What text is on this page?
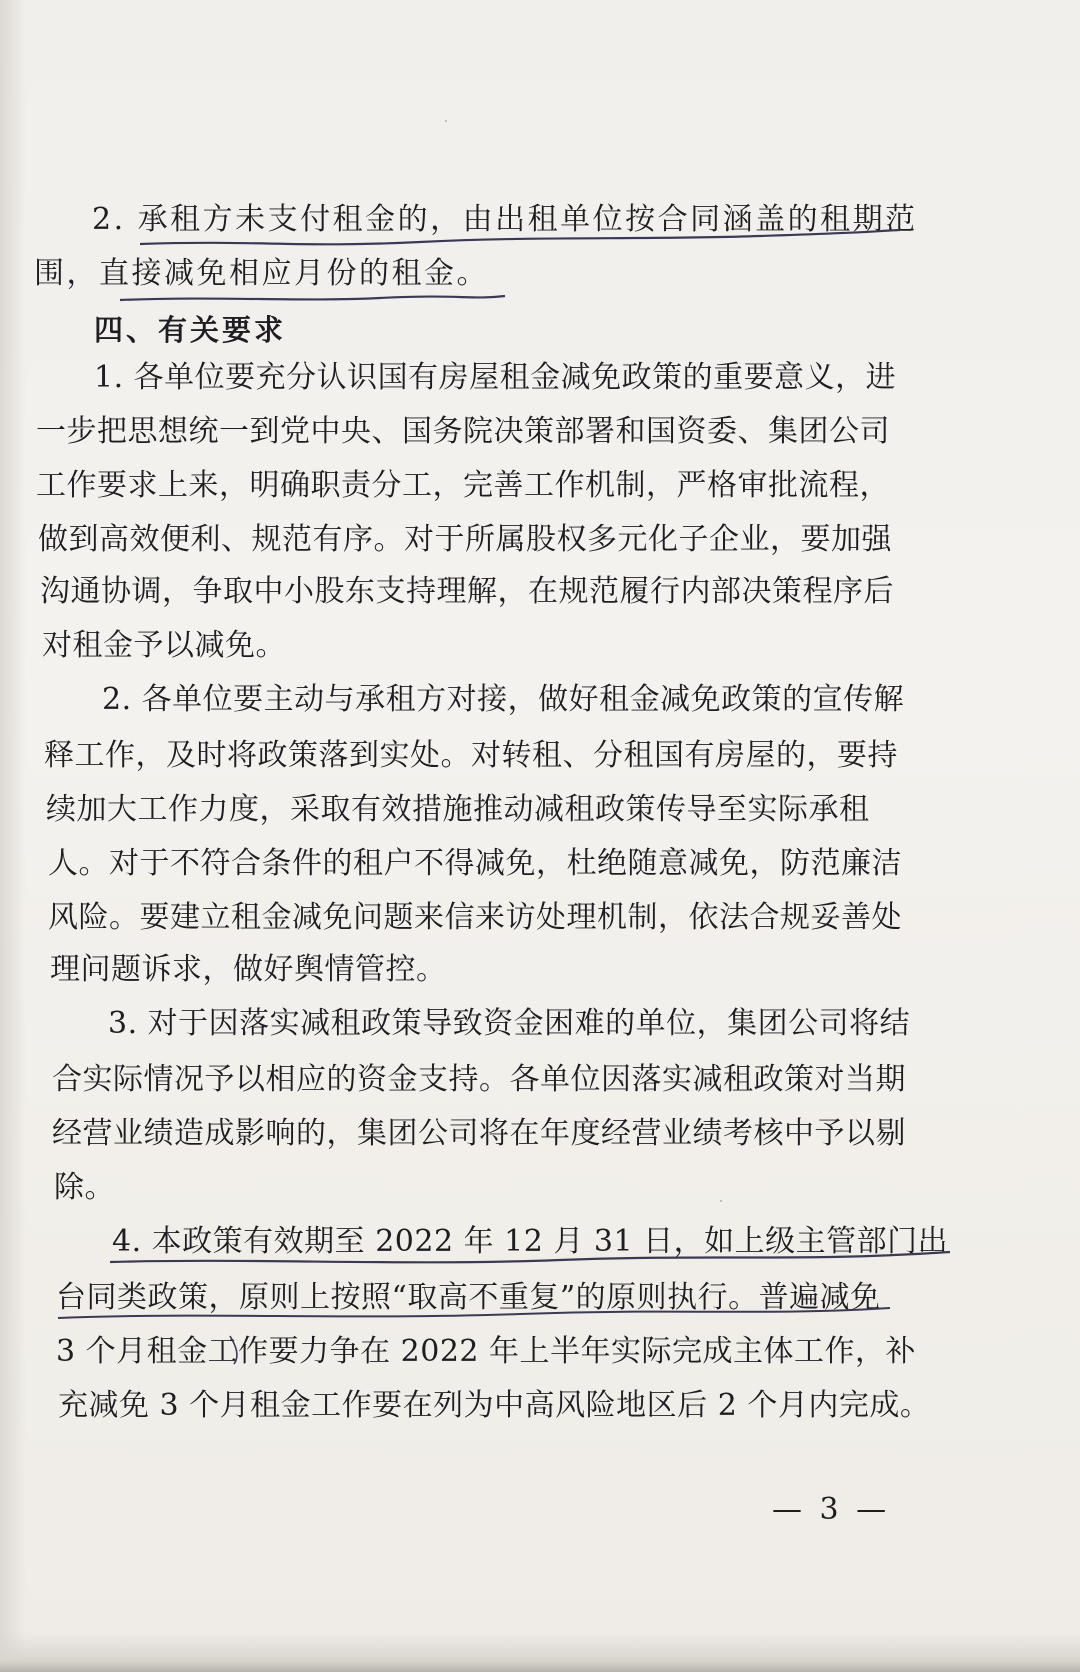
2. 承租方未支付租金的，由出租单位按合同涵盖的租期范
围，直接减免相应月份的租金。
四、有关要求
1. 各单位要充分认识国有房屋租金减免政策的重要意义，进
一步把思想统一到党中央、国务院决策部署和国资委、集团公司
工作要求上来，明确职责分工，完善工作机制，严格审批流程，
做到高效便利、规范有序。对于所属股权多元化子企业，要加强
沟通协调，争取中小股东支持理解，在规范履行内部决策程序后
对租金予以减免。
2. 各单位要主动与承租方对接，做好租金减免政策的宣传解
释工作，及时将政策落到实处。对转租、分租国有房屋的，要持
续加大工作力度，采取有效措施推动减租政策传导至实际承租
人。对于不符合条件的租户不得减免，杜绝随意减免，防范廉洁
风险。要建立租金减免问题来信来访处理机制，依法合规妥善处
理问题诉求，做好舆情管控。
3. 对于因落实减租政策导致资金困难的单位，集团公司将结
合实际情况予以相应的资金支持。各单位因落实减租政策对当期
经营业绩造成影响的，集团公司将在年度经营业绩考核中予以剔
除。
4. 本政策有效期至 2022 年 12 月 31 日，如上级主管部门出
台同类政策，原则上按照“取高不重复”的原则执行。普遍减免
3 个月租金工作要力争在 2022 年上半年实际完成主体工作，补
充减免 3 个月租金工作要在列为中高风险地区后 2 个月内完成。
— 3 —
